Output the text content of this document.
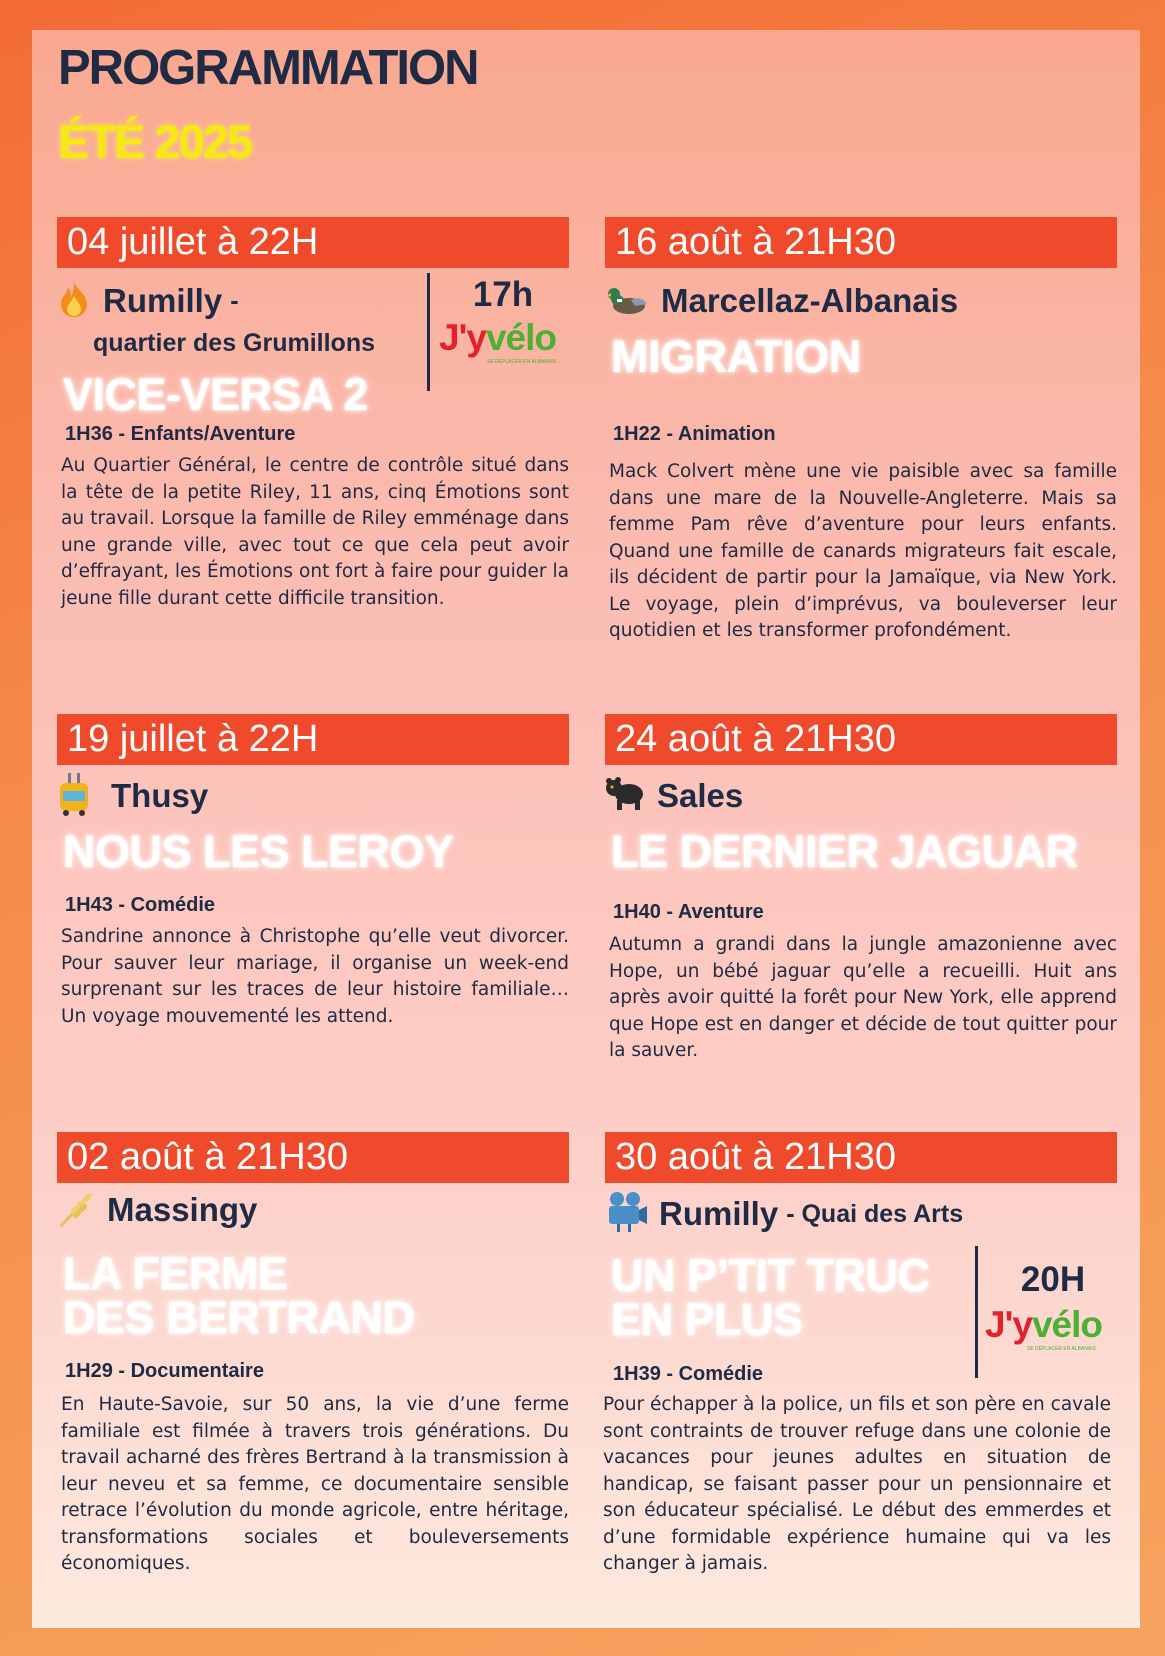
PROGRAMMATION
ÉTÉ 2025
04 juillet à 22H
Rumilly -
quartier des Grumillons
17h
J'yvélo
SE DÉPLACER EN ALBANAIS
VICE-VERSA 2
1H36 - Enfants/Aventure
Au Quartier Général, le centre de contrôle situé dans la tête de la petite Riley, 11 ans, cinq Émotions sont au travail. Lorsque la famille de Riley emménage dans une grande ville, avec tout ce que cela peut avoir d’effrayant, les Émotions ont fort à faire pour guider la jeune fille durant cette difficile transition.
16 août à 21H30
Marcellaz-Albanais
MIGRATION
1H22 - Animation
Mack Colvert mène une vie paisible avec sa famille dans une mare de la Nouvelle-Angleterre. Mais sa femme Pam rêve d’aventure pour leurs enfants. Quand une famille de canards migrateurs fait escale, ils décident de partir pour la Jamaïque, via New York. Le voyage, plein d’imprévus, va bouleverser leur quotidien et les transformer profondément.
19 juillet à 22H
Thusy
NOUS LES LEROY
1H43 - Comédie
Sandrine annonce à Christophe qu’elle veut divorcer. Pour sauver leur mariage, il organise un week-end surprenant sur les traces de leur histoire familiale… Un voyage mouvementé les attend.
24 août à 21H30
Sales
LE DERNIER JAGUAR
1H40 - Aventure
Autumn a grandi dans la jungle amazonienne avec Hope, un bébé jaguar qu’elle a recueilli. Huit ans après avoir quitté la forêt pour New York, elle apprend que Hope est en danger et décide de tout quitter pour la sauver.
02 août à 21H30
Massingy
LA FERME
DES BERTRAND
1H29 - Documentaire
En Haute-Savoie, sur 50 ans, la vie d’une ferme familiale est filmée à travers trois générations. Du travail acharné des frères Bertrand à la transmission à leur neveu et sa femme, ce documentaire sensible retrace l’évolution du monde agricole, entre héritage, transformations sociales et bouleversements économiques.
30 août à 21H30
Rumilly - Quai des Arts
20H
J'yvélo
SE DÉPLACER EN ALBANAIS
UN P’TIT TRUC
EN PLUS
1H39 - Comédie
Pour échapper à la police, un fils et son père en cavale sont contraints de trouver refuge dans une colonie de vacances pour jeunes adultes en situation de handicap, se faisant passer pour un pensionnaire et son éducateur spécialisé. Le début des emmerdes et d’une formidable expérience humaine qui va les changer à jamais.
